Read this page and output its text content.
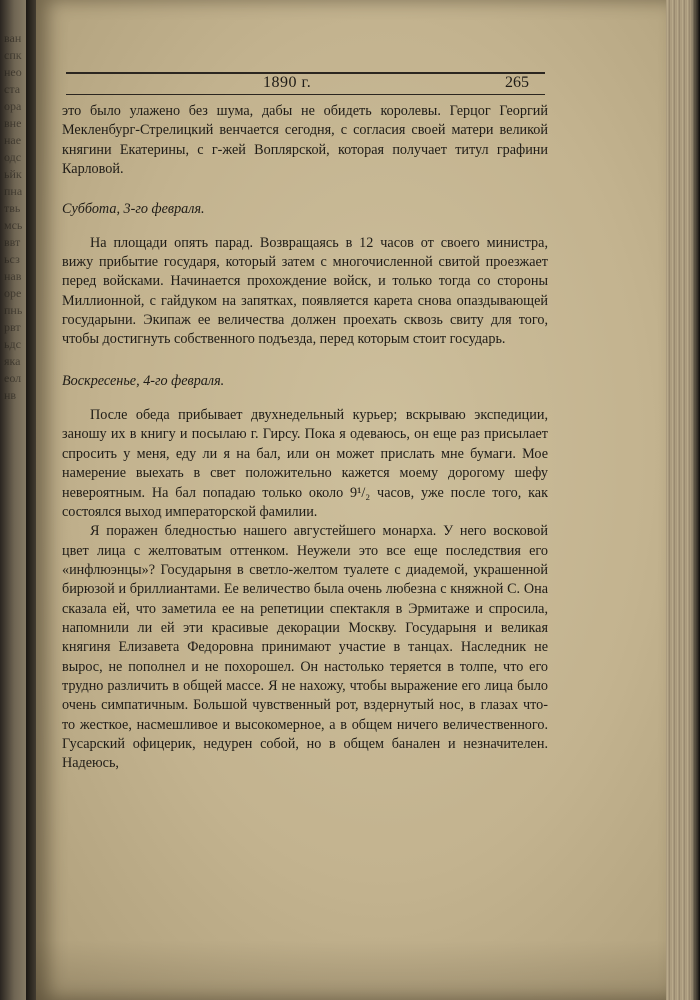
ванспкнеостаоравненаеодсьйкпнатвьмсьввтьсзнаворепньрвтьдсякаеолнв
1890 г.	265

это было улажено без шума, дабы не обидеть королевы. Герцог Георгий Мекленбург-Стрелицкий венчается сегодня, с согласия своей матери великой княгини Екатерины, с г-жей Воплярской, которая получает титул графини Карловой.

Суббота, 3-го февраля.

На площади опять парад. Возвращаясь в 12 часов от своего министра, вижу прибытие государя, который затем с многочисленной свитой проезжает перед войсками. Начинается прохождение войск, и только тогда со стороны Миллионной, с гайдуком на запятках, появляется карета снова опаздывающей государыни. Экипаж ее величества должен проехать сквозь свиту для того, чтобы достигнуть собственного подъезда, перед которым стоит государь.

Воскресенье, 4-го февраля.

После обеда прибывает двухнедельный курьер; вскрываю экспедиции, заношу их в книгу и посылаю г. Гирсу. Пока я одеваюсь, он еще раз присылает спросить у меня, еду ли я на бал, или он может прислать мне бумаги. Мое намерение выехать в свет положительно кажется моему дорогому шефу невероятным. На бал попадаю только около 9¹/₂ часов, уже после того, как состоялся выход императорской фамилии.

Я поражен бледностью нашего августейшего монарха. У него восковой цвет лица с желтоватым оттенком. Неужели это все еще последствия его «инфлюэнцы»? Государыня в светло-желтом туалете с диадемой, украшенной бирюзой и бриллиантами. Ее величество была очень любезна с княжной С. Она сказала ей, что заметила ее на репетиции спектакля в Эрмитаже и спросила, напомнили ли ей эти красивые декорации Москву. Государыня и великая княгиня Елизавета Федоровна принимают участие в танцах. Наследник не вырос, не пополнел и не похорошел. Он настолько теряется в толпе, что его трудно различить в общей массе. Я не нахожу, чтобы выражение его лица было очень симпатичным. Большой чувственный рот, вздернутый нос, в глазах что-то жесткое, насмешливое и высокомерное, а в общем ничего величественного. Гусарский офицерик, недурен собой, но в общем банален и незначителен. Надеюсь,
